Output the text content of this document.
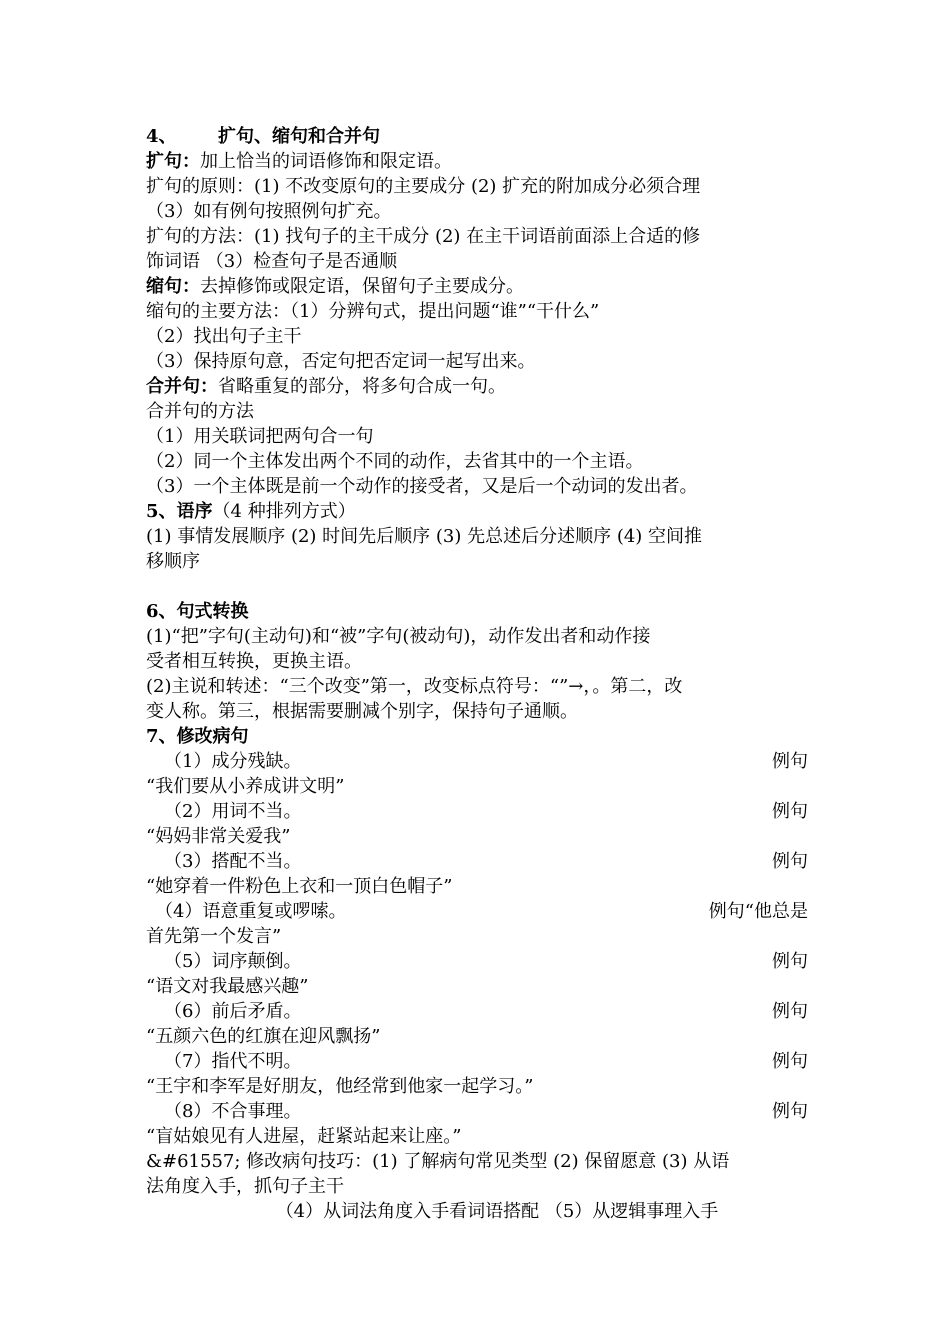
4、 扩句、缩句和合并句
扩句：加上恰当的词语修饰和限定语。
扩句的原则：(1) 不改变原句的主要成分 (2) 扩充的附加成分必须合理
（3）如有例句按照例句扩充。
扩句的方法：(1) 找句子的主干成分 (2) 在主干词语前面添上合适的修
饰词语 （3）检查句子是否通顺
缩句：去掉修饰或限定语，保留句子主要成分。
缩句的主要方法：（1）分辨句式，提出问题“谁”“干什么”
（2）找出句子主干
（3）保持原句意，否定句把否定词一起写出来。
合并句：省略重复的部分，将多句合成一句。
合并句的方法
（1）用关联词把两句合一句
（2）同一个主体发出两个不同的动作，去省其中的一个主语。
（3）一个主体既是前一个动作的接受者，又是后一个动词的发出者。
5、语序（4 种排列方式）
(1) 事情发展顺序 (2) 时间先后顺序 (3) 先总述后分述顺序 (4) 空间推
移顺序
6、句式转换
(1)“把”字句(主动句)和“被”字句(被动句)，动作发出者和动作接
受者相互转换，更换主语。
(2)主说和转述：“三个改变”第一，改变标点符号：“”→，。第二，改
变人称。第三，根据需要删减个别字，保持句子通顺。
7、修改病句
（1）成分残缺。	例句
“我们要从小养成讲文明”
（2）用词不当。	例句
“妈妈非常关爱我”
（3）搭配不当。	例句
“她穿着一件粉色上衣和一顶白色帽子”
（4）语意重复或啰嗦。	例句“他总是
首先第一个发言”
（5）词序颠倒。	例句
“语文对我最感兴趣”
（6）前后矛盾。	例句
“五颜六色的红旗在迎风飘扬”
（7）指代不明。	例句
“王宇和李军是好朋友，他经常到他家一起学习。”
（8）不合事理。	例句
“盲姑娘见有人进屋，赶紧站起来让座。”
&#61557; 修改病句技巧：(1) 了解病句常见类型 (2) 保留愿意 (3) 从语
法角度入手，抓句子主干
（4）从词法角度入手看词语搭配 （5）从逻辑事理入手
